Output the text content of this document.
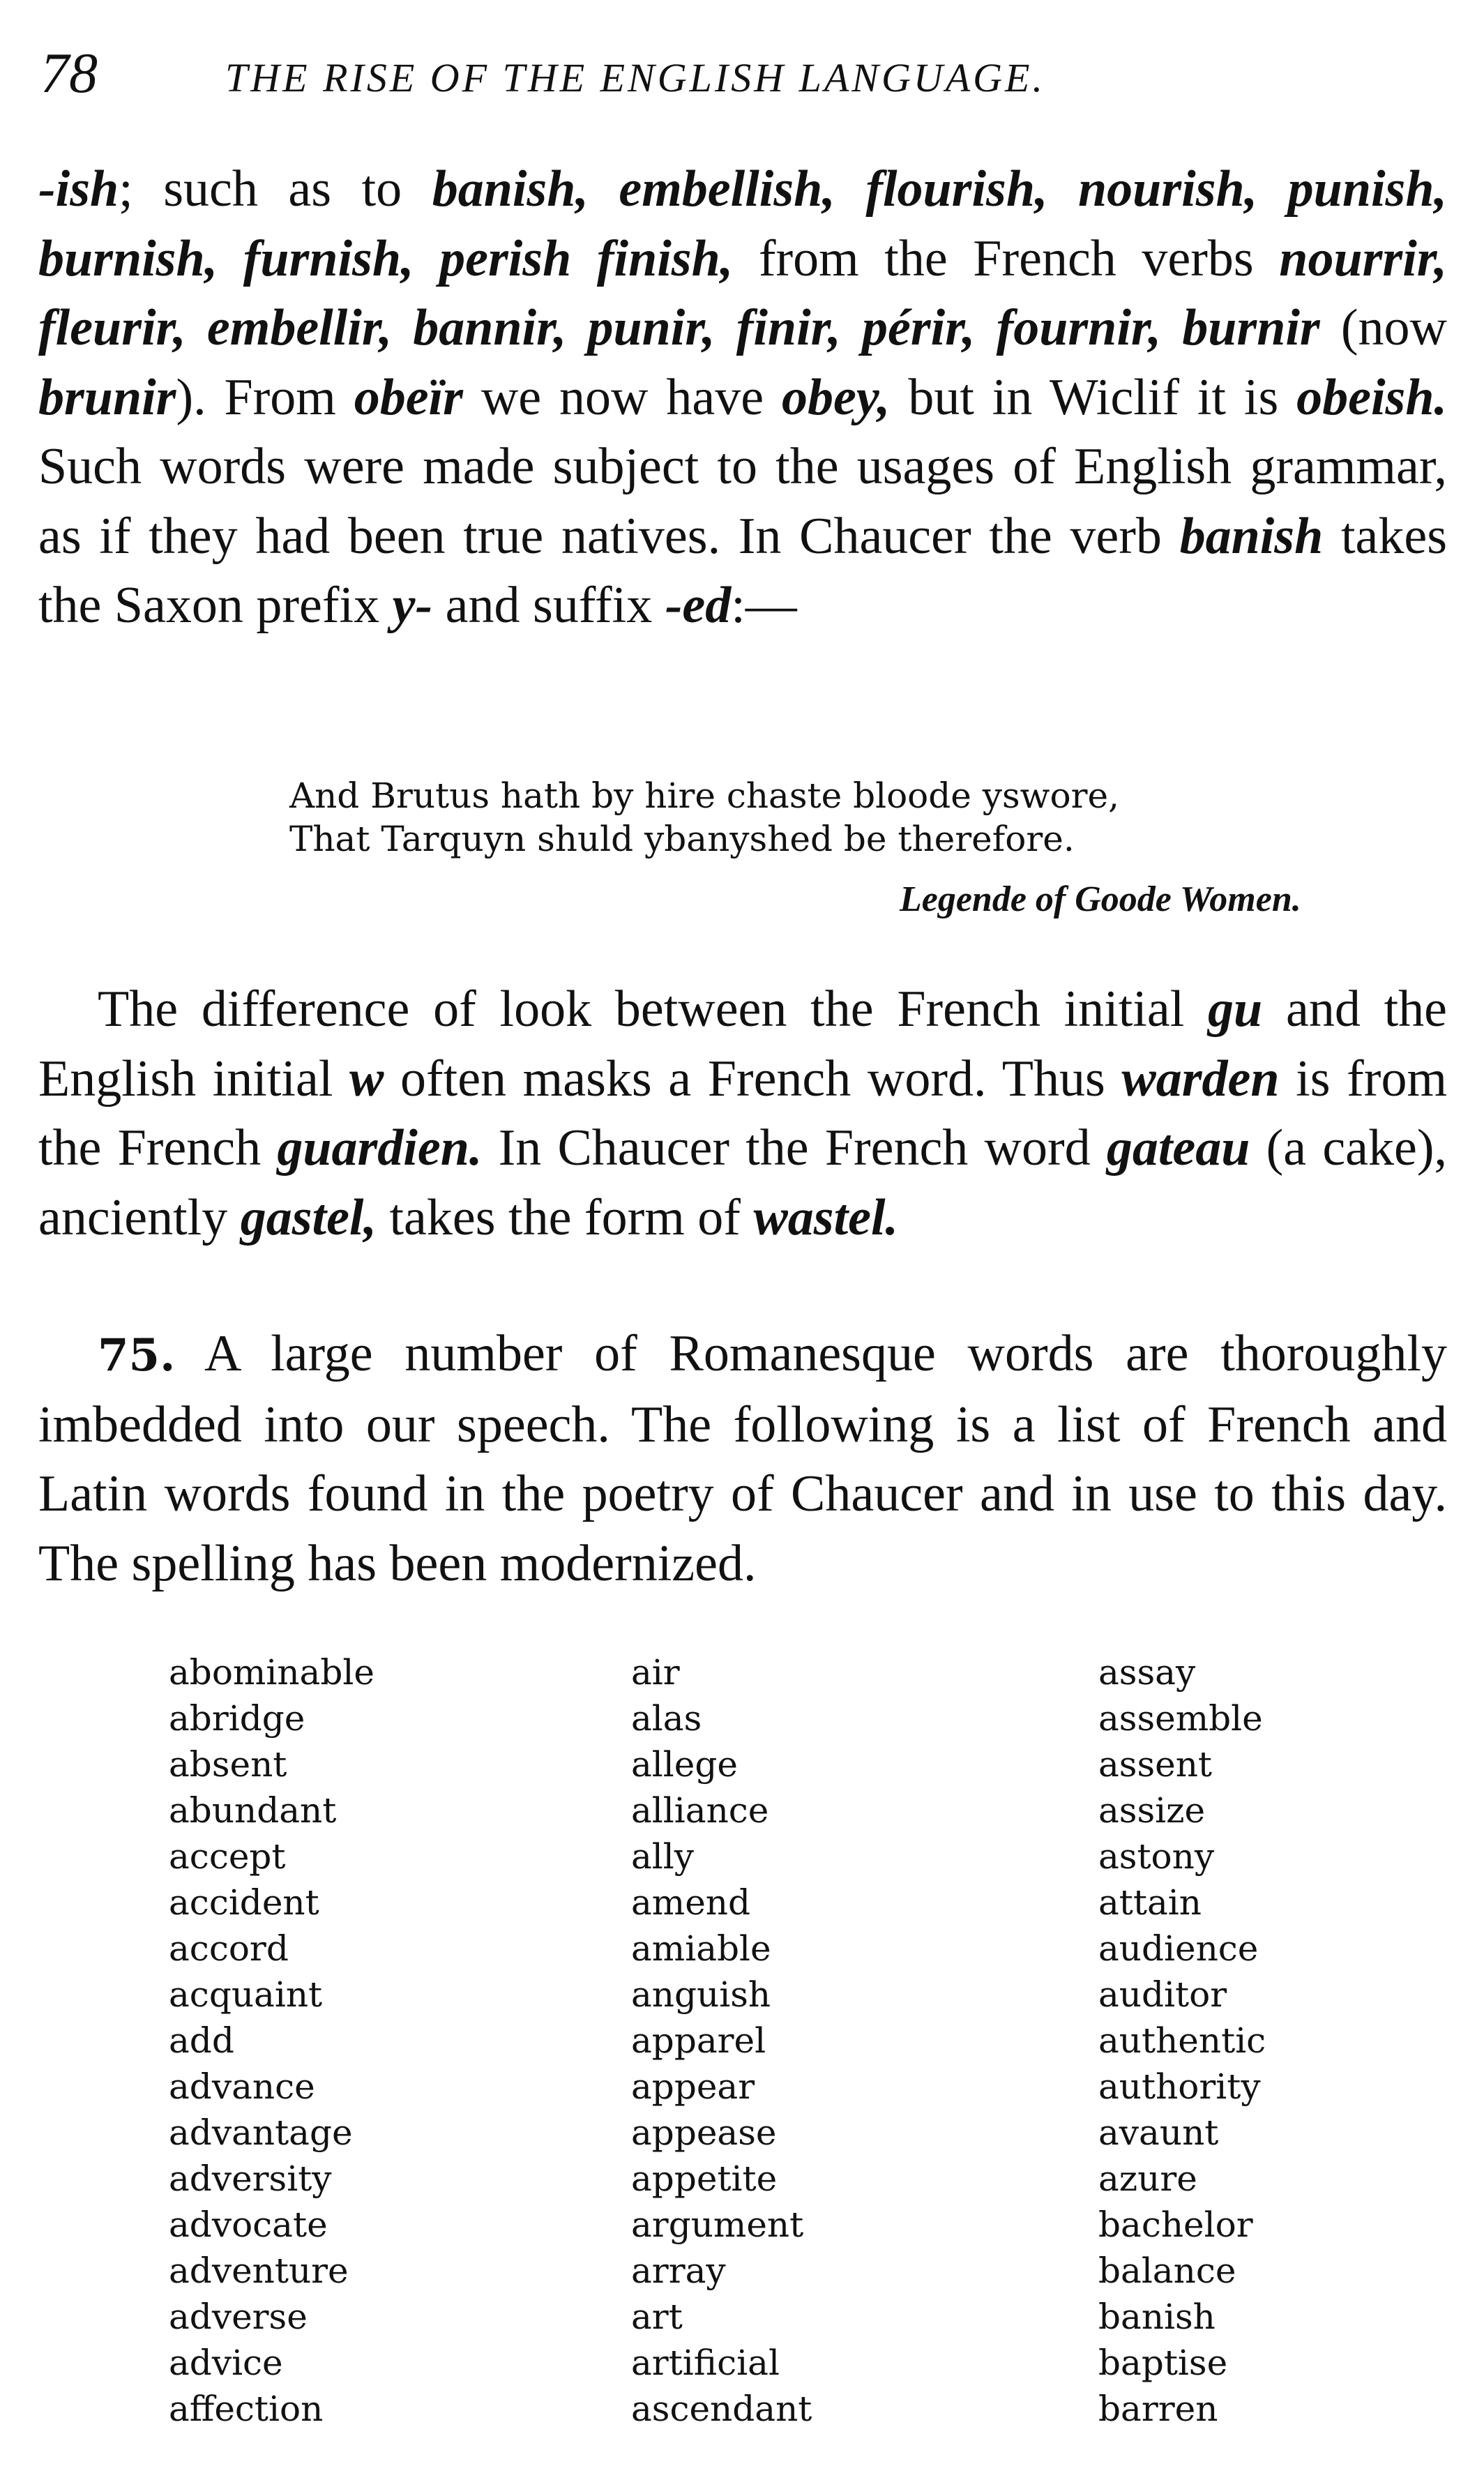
78	THE RISE OF THE ENGLISH LANGUAGE.

-ish; such as to banish, embellish, flourish, nourish, punish, burnish, furnish, perish finish, from the French verbs nourrir, fleurir, embellir, bannir, punir, finir, périr, fournir, burnir (now brunir). From obeïr we now have obey, but in Wiclif it is obeish. Such words were made subject to the usages of English grammar, as if they had been true natives. In Chaucer the verb banish takes the Saxon prefix y- and suffix -ed:—

And Brutus hath by hire chaste bloode yswore,
That Tarquyn shuld ybanyshed be therefore.
Legende of Goode Women.

The difference of look between the French initial gu and the English initial w often masks a French word. Thus warden is from the French guardien. In Chaucer the French word gateau (a cake), anciently gastel, takes the form of wastel.

75. A large number of Romanesque words are thoroughly imbedded into our speech. The following is a list of French and Latin words found in the poetry of Chaucer and in use to this day. The spelling has been modernized.

abominable
abridge
absent
abundant
accept
accident
accord
acquaint
add
advance
advantage
adversity
advocate
adventure
adverse
advice
affection
air
alas
allege
alliance
ally
amend
amiable
anguish
apparel
appear
appease
appetite
argument
array
art
artificial
ascendant
assay
assemble
assent
assize
astony
attain
audience
auditor
authentic
authority
avaunt
azure
bachelor
balance
banish
baptise
barren
